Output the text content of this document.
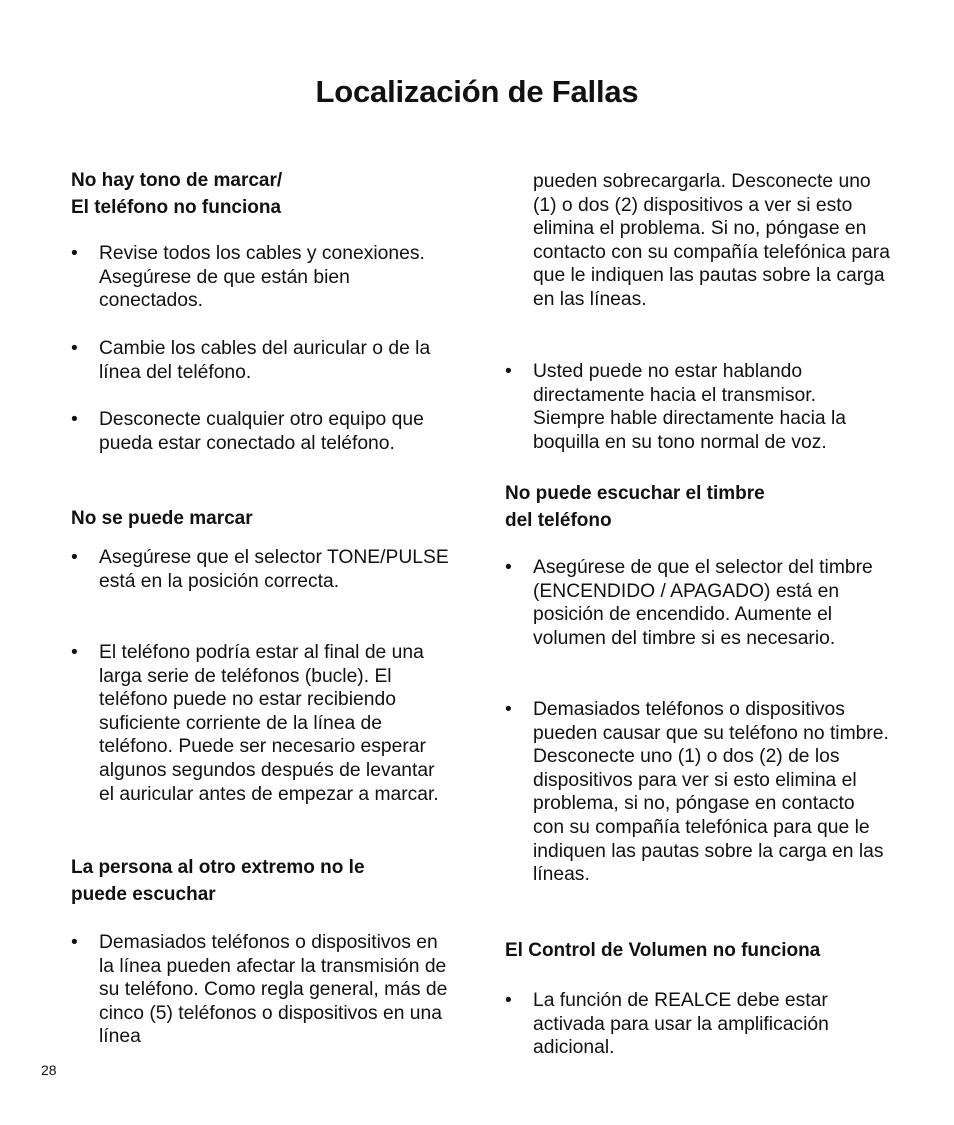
Localización de Fallas

No hay tono de marcar/

El teléfono no funciona

• Revise todos los cables y conexiones. Asegúrese de que están bien conectados.

• Cambie los cables del auricular o de la línea del teléfono.

• Desconecte cualquier otro equipo que pueda estar conectado al teléfono.

No se puede marcar

• Asegúrese que el selector TONE/PULSE está en la posición correcta.

• El teléfono podría estar al final de una larga serie de teléfonos (bucle). El teléfono puede no estar recibiendo suficiente corriente de la línea de teléfono. Puede ser necesario esperar algunos segundos después de levantar el auricular antes de empezar a marcar.

La persona al otro extremo no le

puede escuchar

• Demasiados teléfonos o dispositivos en la línea pueden afectar la transmisión de su teléfono. Como regla general, más de cinco (5) teléfonos o dispositivos en una línea

pueden sobrecargarla. Desconecte uno (1) o dos (2) dispositivos a ver si esto elimina el problema. Si no, póngase en contacto con su compañía telefónica para que le indiquen las pautas sobre la carga en las líneas.

• Usted puede no estar hablando directamente hacia el transmisor. Siempre hable directamente hacia la boquilla en su tono normal de voz.

No puede escuchar el timbre

del teléfono

• Asegúrese de que el selector del timbre (ENCENDIDO / APAGADO) está en posición de encendido. Aumente el volumen del timbre si es necesario.

• Demasiados teléfonos o dispositivos pueden causar que su teléfono no timbre. Desconecte uno (1) o dos (2) de los dispositivos para ver si esto elimina el problema, si no, póngase en contacto con su compañía telefónica para que le indiquen las pautas sobre la carga en las líneas.

El Control de Volumen no funciona

• La función de REALCE debe estar activada para usar la amplificación adicional.

28
